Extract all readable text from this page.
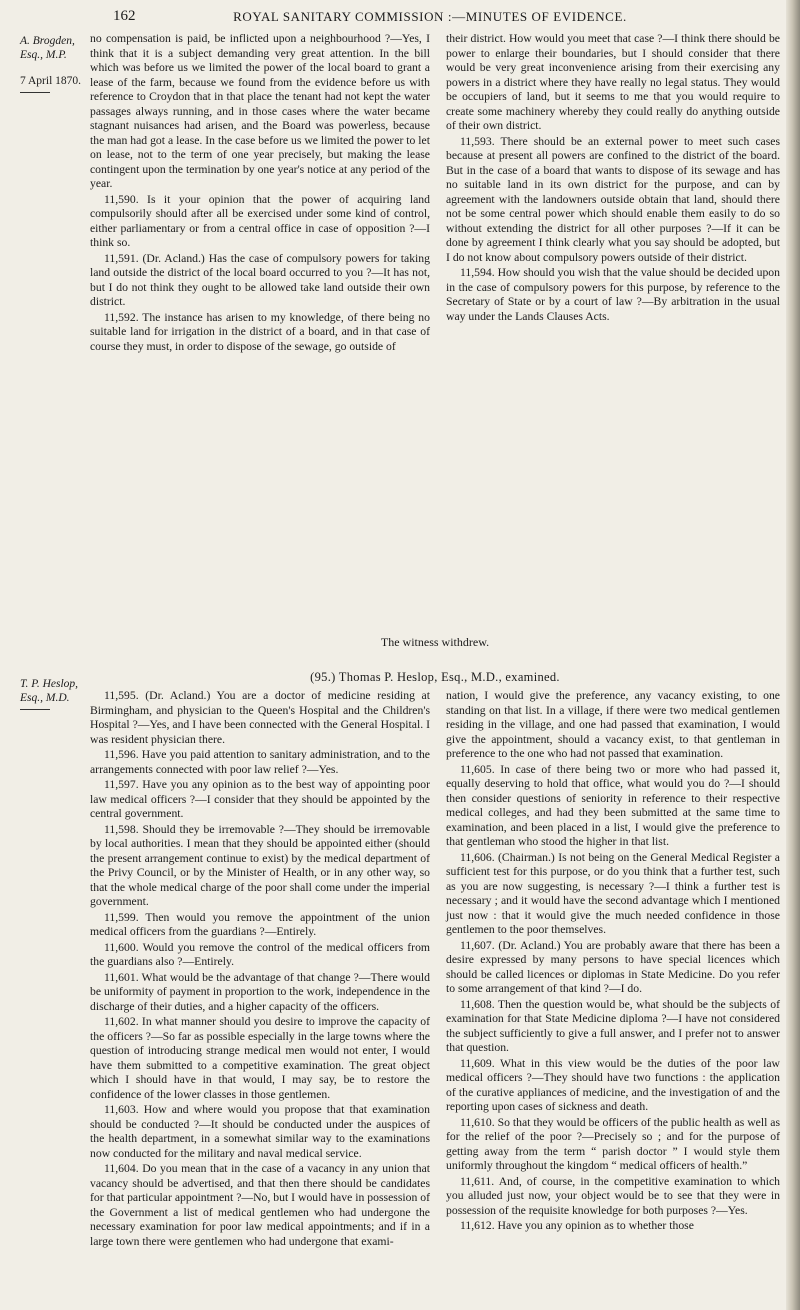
162	ROYAL SANITARY COMMISSION :—MINUTES OF EVIDENCE.
A. Brogden,
Esq., M.P.
7 April 1870.
T. P. Heslop,
Esq., M.D.

no compensation is paid, be inflicted upon a neighbourhood ?—Yes, I think that it is a subject demanding very great attention. In the bill which was before us we limited the power of the local board to grant a lease of the farm, because we found from the evidence before us with reference to Croydon that in that place the tenant had not kept the water passages always running, and in those cases where the water became stagnant nuisances had arisen, and the Board was powerless, because the man had got a lease. In the case before us we limited the power to let on lease, not to the term of one year precisely, but making the lease contingent upon the termination by one year's notice at any period of the year.

11,590. Is it your opinion that the power of acquiring land compulsorily should after all be exercised under some kind of control, either parliamentary or from a central office in case of opposition ?—I think so.

11,591. (Dr. Acland.) Has the case of compulsory powers for taking land outside the district of the local board occurred to you ?—It has not, but I do not think they ought to be allowed take land outside their own district.

11,592. The instance has arisen to my knowledge, of there being no suitable land for irrigation in the district of a board, and in that case of course they must, in order to dispose of the sewage, go outside of

their district. How would you meet that case ?—I think there should be power to enlarge their boundaries, but I should consider that there would be very great inconvenience arising from their exercising any powers in a district where they have really no legal status. They would be occupiers of land, but it seems to me that you would require to create some machinery whereby they could really do anything outside of their own district.

11,593. There should be an external power to meet such cases because at present all powers are confined to the district of the board. But in the case of a board that wants to dispose of its sewage and has no suitable land in its own district for the purpose, and can by agreement with the landowners outside obtain that land, should there not be some central power which should enable them easily to do so without extending the district for all other purposes ?—If it can be done by agreement I think clearly what you say should be adopted, but I do not know about compulsory powers outside of their district.

11,594. How should you wish that the value should be decided upon in the case of compulsory powers for this purpose, by reference to the Secretary of State or by a court of law ?—By arbitration in the usual way under the Lands Clauses Acts.

The witness withdrew.
(95.) Thomas P. Heslop, Esq., M.D., examined.

11,595. (Dr. Acland.) You are a doctor of medicine residing at Birmingham, and physician to the Queen's Hospital and the Children's Hospital ?—Yes, and I have been connected with the General Hospital. I was resident physician there.

11,596. Have you paid attention to sanitary administration, and to the arrangements connected with poor law relief ?—Yes.

11,597. Have you any opinion as to the best way of appointing poor law medical officers ?—I consider that they should be appointed by the central government.

11,598. Should they be irremovable ?—They should be irremovable by local authorities. I mean that they should be appointed either (should the present arrangement continue to exist) by the medical department of the Privy Council, or by the Minister of Health, or in any other way, so that the whole medical charge of the poor shall come under the imperial government.

11,599. Then would you remove the appointment of the union medical officers from the guardians ?—Entirely.

11,600. Would you remove the control of the medical officers from the guardians also ?—Entirely.

11,601. What would be the advantage of that change ?—There would be uniformity of payment in proportion to the work, independence in the discharge of their duties, and a higher capacity of the officers.

11,602. In what manner should you desire to improve the capacity of the officers ?—So far as possible especially in the large towns where the question of introducing strange medical men would not enter, I would have them submitted to a competitive examination. The great object which I should have in that would, I may say, be to restore the confidence of the lower classes in those gentlemen.

11,603. How and where would you propose that that examination should be conducted ?—It should be conducted under the auspices of the health department, in a somewhat similar way to the examinations now conducted for the military and naval medical service.

11,604. Do you mean that in the case of a vacancy in any union that vacancy should be advertised, and that then there should be candidates for that particular appointment ?—No, but I would have in possession of the Government a list of medical gentlemen who had undergone the necessary examination for poor law medical appointments; and if in a large town there were gentlemen who had undergone that exami-

nation, I would give the preference, any vacancy existing, to one standing on that list. In a village, if there were two medical gentlemen residing in the village, and one had passed that examination, I would give the appointment, should a vacancy exist, to that gentleman in preference to the one who had not passed that examination.

11,605. In case of there being two or more who had passed it, equally deserving to hold that office, what would you do ?—I should then consider questions of seniority in reference to their respective medical colleges, and had they been submitted at the same time to examination, and been placed in a list, I would give the preference to that gentleman who stood the higher in that list.

11,606. (Chairman.) Is not being on the General Medical Register a sufficient test for this purpose, or do you think that a further test, such as you are now suggesting, is necessary ?—I think a further test is necessary ; and it would have the second advantage which I mentioned just now : that it would give the much needed confidence in those gentlemen to the poor themselves.

11,607. (Dr. Acland.) You are probably aware that there has been a desire expressed by many persons to have special licences which should be called licences or diplomas in State Medicine. Do you refer to some arrangement of that kind ?—I do.

11,608. Then the question would be, what should be the subjects of examination for that State Medicine diploma ?—I have not considered the subject sufficiently to give a full answer, and I prefer not to answer that question.

11,609. What in this view would be the duties of the poor law medical officers ?—They should have two functions : the application of the curative appliances of medicine, and the investigation of and the reporting upon cases of sickness and death.

11,610. So that they would be officers of the public health as well as for the relief of the poor ?—Precisely so ; and for the purpose of getting away from the term “ parish doctor ” I would style them uniformly throughout the kingdom “ medical officers of health.”

11,611. And, of course, in the competitive examination to which you alluded just now, your object would be to see that they were in possession of the requisite knowledge for both purposes ?—Yes.

11,612. Have you any opinion as to whether those
